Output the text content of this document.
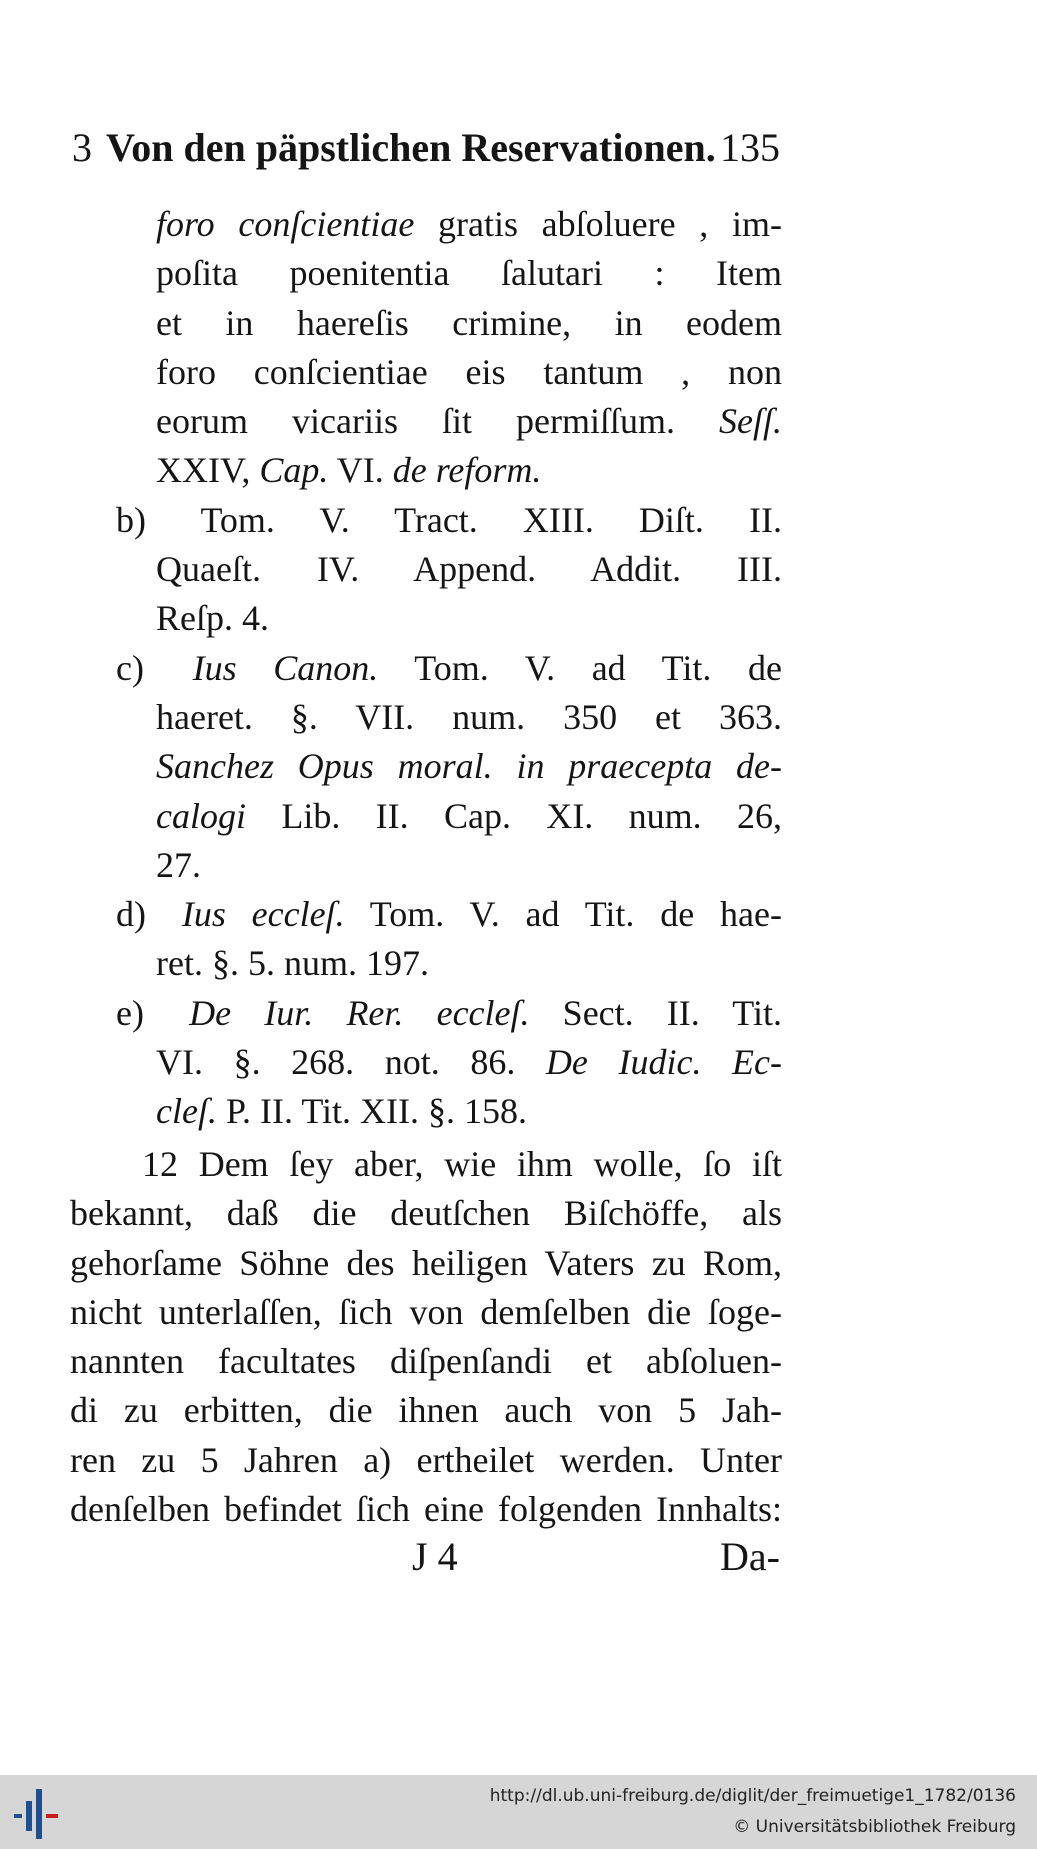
3 Von den päpstlichen Reservationen. 135
foro conſcientiae gratis abſoluere , im-
poſita poenitentia ſalutari : Item
et in haereſis crimine, in eodem
foro conſcientiae eis tantum , non
eorum vicariis ſit permiſſum. Seſſ.
XXIV, Cap. VI. de reform.
b) Tom. V. Tract. XIII. Diſt. II.
Quaeſt. IV. Append. Addit. III.
Reſp. 4.
c) Ius Canon. Tom. V. ad Tit. de
haeret. §. VII. num. 350 et 363.
Sanchez Opus moral. in praecepta de-
calogi Lib. II. Cap. XI. num. 26,
27.
d) Ius eccleſ. Tom. V. ad Tit. de hae-
ret. §. 5. num. 197.
e) De Iur. Rer. eccleſ. Sect. II. Tit.
VI. §. 268. not. 86. De Iudic. Ec-
cleſ. P. II. Tit. XII. §. 158.
12 Dem ſey aber, wie ihm wolle, ſo iſt
bekannt, daß die deutſchen Biſchöffe, als
gehorſame Söhne des heiligen Vaters zu Rom,
nicht unterlaſſen, ſich von demſelben die ſoge-
nannten facultates diſpenſandi et abſoluen-
di zu erbitten, die ihnen auch von 5 Jah-
ren zu 5 Jahren a) ertheilet werden. Unter
denſelben befindet ſich eine folgenden Innhalts:
J 4	Da-
http://dl.ub.uni-freiburg.de/diglit/der_freimuetige1_1782/0136
© Universitätsbibliothek Freiburg
